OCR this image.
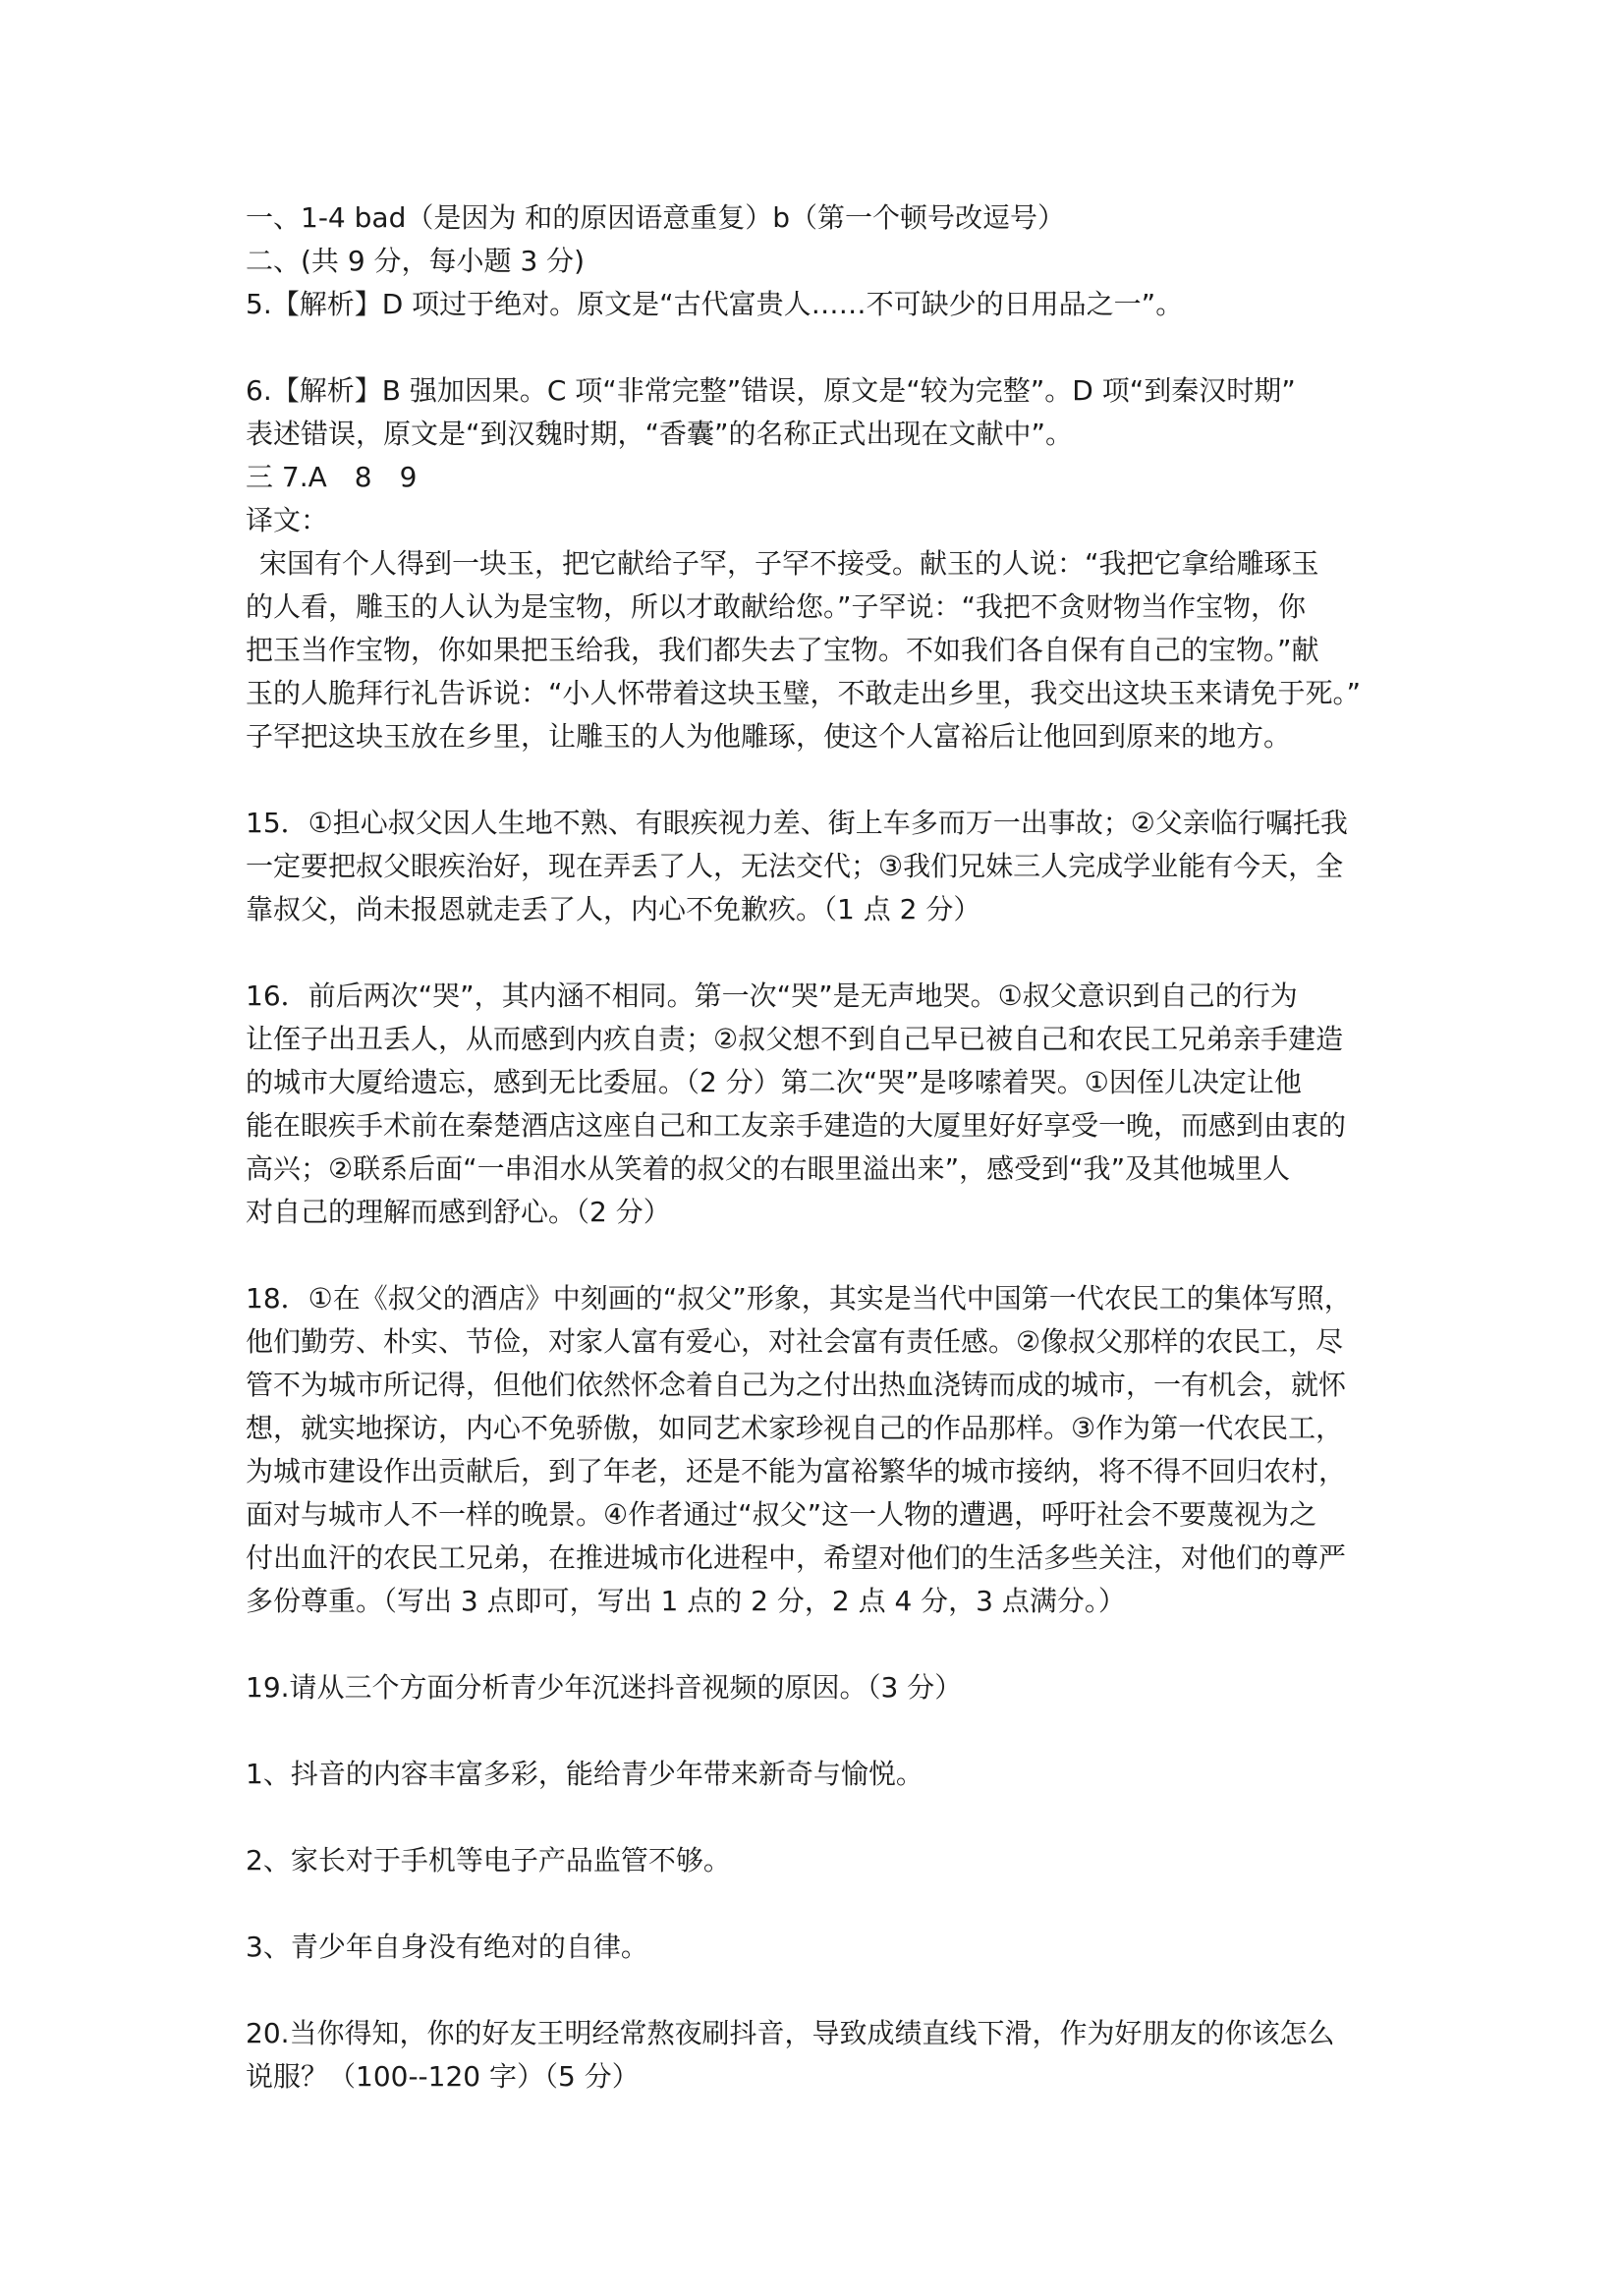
一、1-4 bad（是因为 和的原因语意重复）b（第一个顿号改逗号）
二、(共 9 分，每小题 3 分)
5.【解析】D 项过于绝对。原文是“古代富贵人……不可缺少的日用品之一”。
6.【解析】B 强加因果。C 项“非常完整”错误，原文是“较为完整”。D 项“到秦汉时期”
表述错误，原文是“到汉魏时期，“香囊”的名称正式出现在文献中”。
三 7.A　8　9
译文：
宋国有个人得到一块玉，把它献给子罕，子罕不接受。献玉的人说：“我把它拿给雕琢玉
的人看，雕玉的人认为是宝物，所以才敢献给您。”子罕说：“我把不贪财物当作宝物，你
把玉当作宝物，你如果把玉给我，我们都失去了宝物。不如我们各自保有自己的宝物。”献
玉的人脆拜行礼告诉说：“小人怀带着这块玉璧，不敢走出乡里，我交出这块玉来请免于死。”
子罕把这块玉放在乡里，让雕玉的人为他雕琢，使这个人富裕后让他回到原来的地方。
15．①担心叔父因人生地不熟、有眼疾视力差、街上车多而万一出事故；②父亲临行嘱托我
一定要把叔父眼疾治好，现在弄丢了人，无法交代；③我们兄妹三人完成学业能有今天，全
靠叔父，尚未报恩就走丢了人，内心不免歉疚。（1 点 2 分）
16．前后两次“哭”，其内涵不相同。第一次“哭”是无声地哭。①叔父意识到自己的行为
让侄子出丑丢人，从而感到内疚自责；②叔父想不到自己早已被自己和农民工兄弟亲手建造
的城市大厦给遗忘，感到无比委屈。（2 分）第二次“哭”是哆嗦着哭。①因侄儿决定让他
能在眼疾手术前在秦楚酒店这座自己和工友亲手建造的大厦里好好享受一晚，而感到由衷的
高兴；②联系后面“一串泪水从笑着的叔父的右眼里溢出来”，感受到“我”及其他城里人
对自己的理解而感到舒心。（2 分）
18．①在《叔父的酒店》中刻画的“叔父”形象，其实是当代中国第一代农民工的集体写照，
他们勤劳、朴实、节俭，对家人富有爱心，对社会富有责任感。②像叔父那样的农民工，尽
管不为城市所记得，但他们依然怀念着自己为之付出热血浇铸而成的城市，一有机会，就怀
想，就实地探访，内心不免骄傲，如同艺术家珍视自己的作品那样。③作为第一代农民工，
为城市建设作出贡献后，到了年老，还是不能为富裕繁华的城市接纳，将不得不回归农村，
面对与城市人不一样的晚景。④作者通过“叔父”这一人物的遭遇，呼吁社会不要蔑视为之
付出血汗的农民工兄弟，在推进城市化进程中，希望对他们的生活多些关注，对他们的尊严
多份尊重。（写出 3 点即可，写出 1 点的 2 分，2 点 4 分，3 点满分。）
19.请从三个方面分析青少年沉迷抖音视频的原因。（3 分）
1、抖音的内容丰富多彩，能给青少年带来新奇与愉悦。
2、家长对于手机等电子产品监管不够。
3、青少年自身没有绝对的自律。
20.当你得知，你的好友王明经常熬夜刷抖音，导致成绩直线下滑，作为好朋友的你该怎么
说服？（100--120 字）（5 分）
